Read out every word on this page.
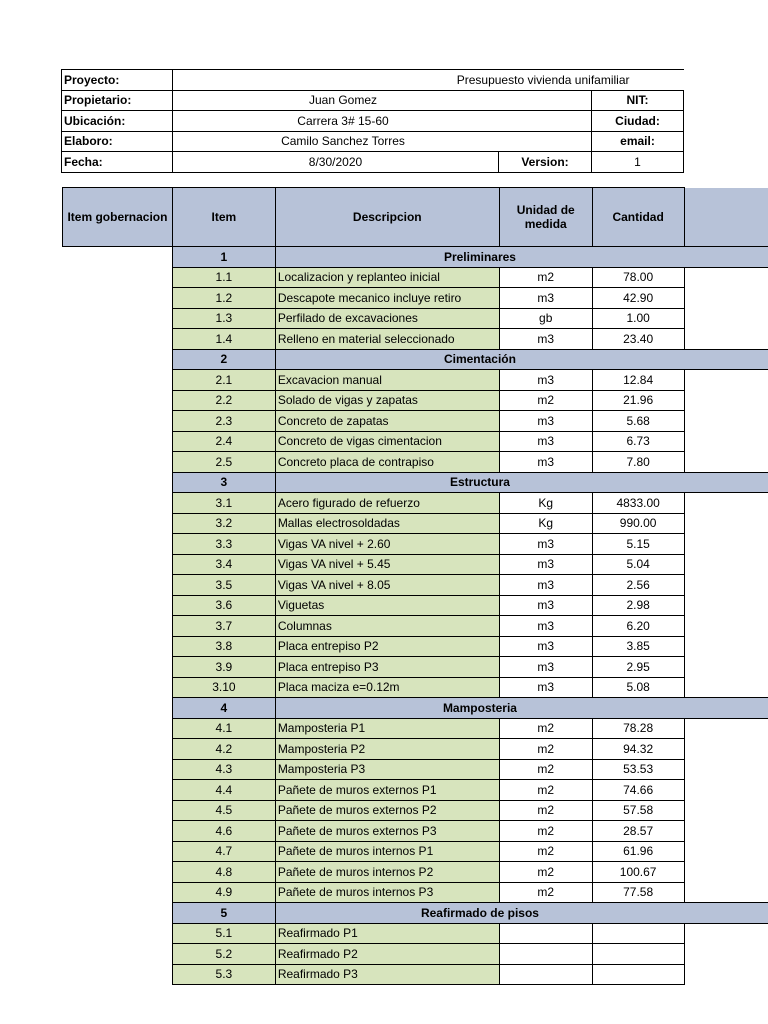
Proyecto:	Presupuesto vivienda unifamiliar		
Propietario:	Juan Gomez		NIT:
Ubicación:	Carrera 3# 15-60		Ciudad:
Elaboro:	Camilo Sanchez Torres		email:
Fecha:	8/30/2020	Version:	1
Item gobernacion	Item	Descripcion	Unidad de medida	Cantidad	
	1	Preliminares			
	1.1	Localizacion y replanteo inicial	m2	78.00	
	1.2	Descapote mecanico incluye retiro	m3	42.90	
	1.3	Perfilado de excavaciones	gb	1.00	
	1.4	Relleno en material seleccionado	m3	23.40	
	2	Cimentación			
	2.1	Excavacion manual	m3	12.84	
	2.2	Solado de vigas y zapatas	m2	21.96	
	2.3	Concreto de zapatas	m3	5.68	
	2.4	Concreto de vigas cimentacion	m3	6.73	
	2.5	Concreto placa de contrapiso	m3	7.80	
	3	Estructura			
	3.1	Acero figurado de refuerzo	Kg	4833.00	
	3.2	Mallas electrosoldadas	Kg	990.00	
	3.3	Vigas VA nivel + 2.60	m3	5.15	
	3.4	Vigas VA nivel + 5.45	m3	5.04	
	3.5	Vigas VA nivel + 8.05	m3	2.56	
	3.6	Viguetas	m3	2.98	
	3.7	Columnas	m3	6.20	
	3.8	Placa entrepiso P2	m3	3.85	
	3.9	Placa entrepiso P3	m3	2.95	
	3.10	Placa maciza e=0.12m	m3	5.08	
	4	Mamposteria			
	4.1	Mamposteria P1	m2	78.28	
	4.2	Mamposteria P2	m2	94.32	
	4.3	Mamposteria P3	m2	53.53	
	4.4	Pañete de muros externos P1	m2	74.66	
	4.5	Pañete de muros externos P2	m2	57.58	
	4.6	Pañete de muros externos P3	m2	28.57	
	4.7	Pañete de muros internos P1	m2	61.96	
	4.8	Pañete de muros internos P2	m2	100.67	
	4.9	Pañete de muros internos P3	m2	77.58	
	5	Reafirmado de pisos			
	5.1	Reafirmado P1			
	5.2	Reafirmado P2			
	5.3	Reafirmado P3			
